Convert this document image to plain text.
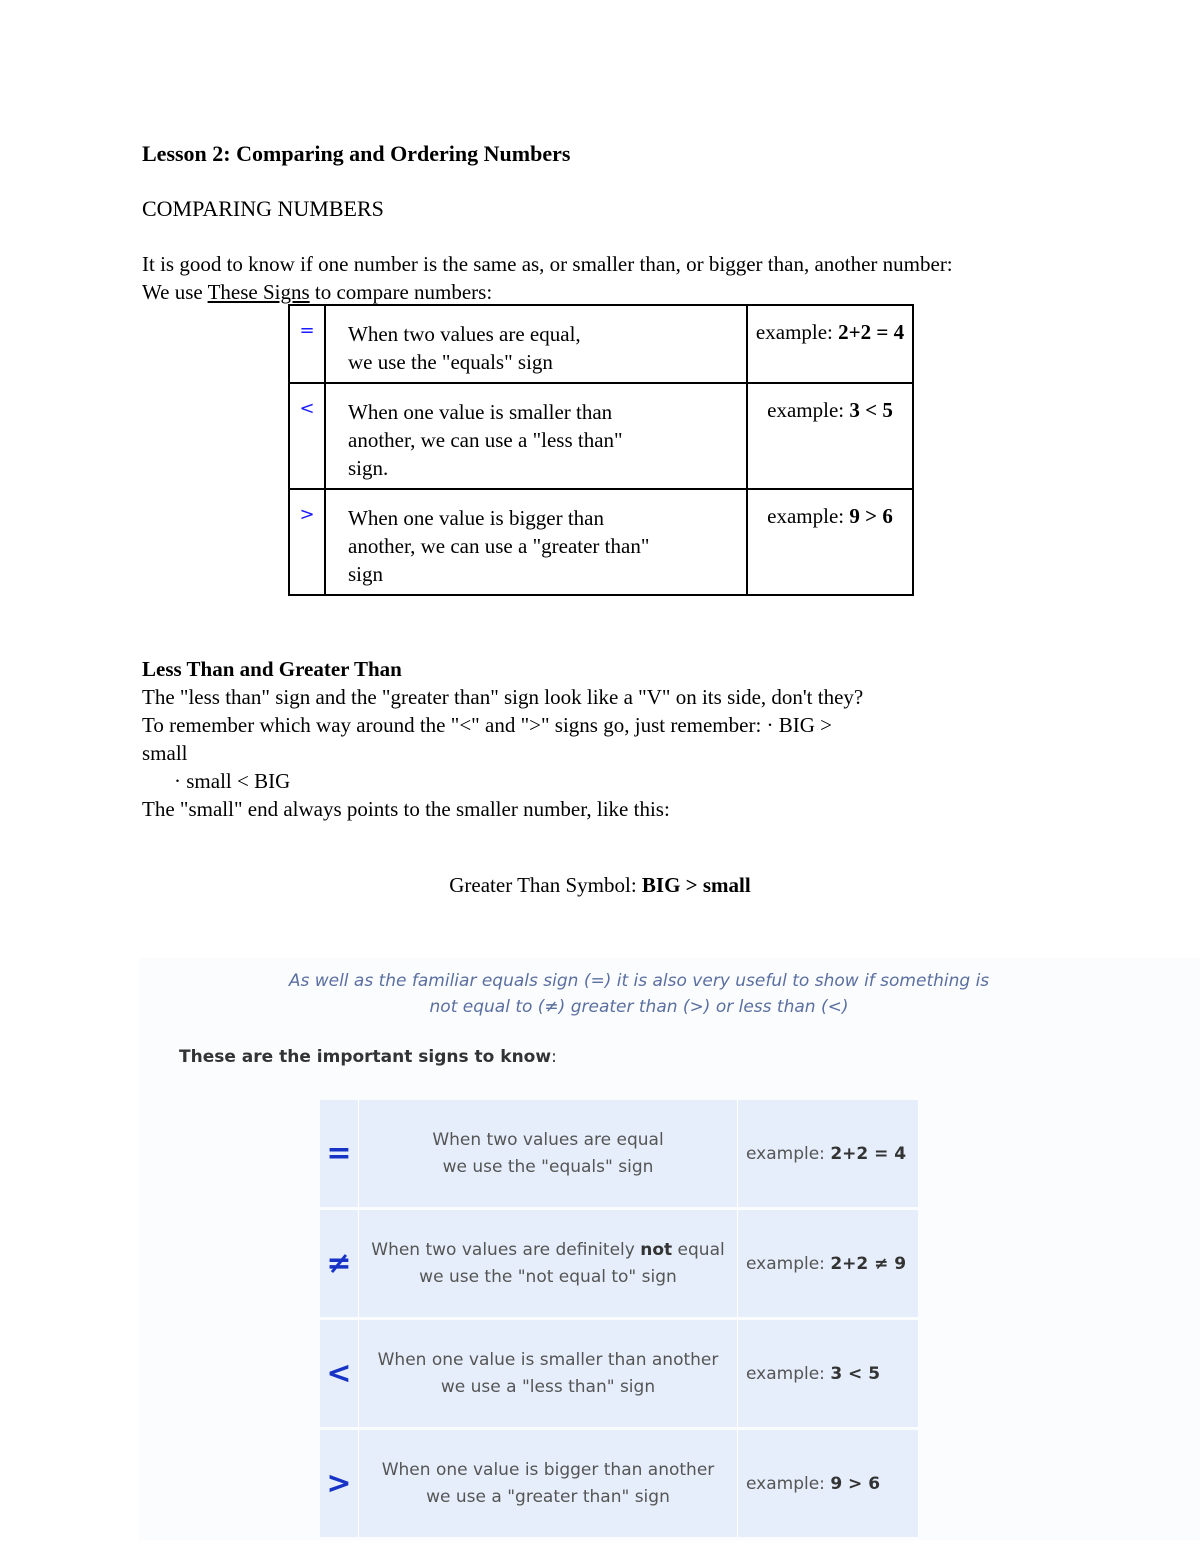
Lesson 2: Comparing and Ordering Numbers
COMPARING NUMBERS
It is good to know if one number is the same as, or smaller than, or bigger than, another number:
We use These Signs to compare numbers:
=	When two values are equal,
we use the "equals" sign	example: 2+2 = 4
<	When one value is smaller than
another, we can use a "less than"
sign.	example: 3 < 5
>	When one value is bigger than
another, we can use a "greater than"
sign	example: 9 > 6
Less Than and Greater Than
The "less than" sign and the "greater than" sign look like a "V" on its side, don't they?
To remember which way around the "<" and ">" signs go, just remember: · BIG >
small
· small < BIG
The "small" end always points to the smaller number, like this:
Greater Than Symbol: BIG > small
As well as the familiar equals sign (=) it is also very useful to show if something is
not equal to (≠) greater than (>) or less than (<)
These are the important signs to know:
=	When two values are equal
we use the "equals" sign	example: 2+2 = 4
≠	When two values are definitely not equal
we use the "not equal to" sign	example: 2+2 ≠ 9
<	When one value is smaller than another
we use a "less than" sign	example: 3 < 5
>	When one value is bigger than another
we use a "greater than" sign	example: 9 > 6
